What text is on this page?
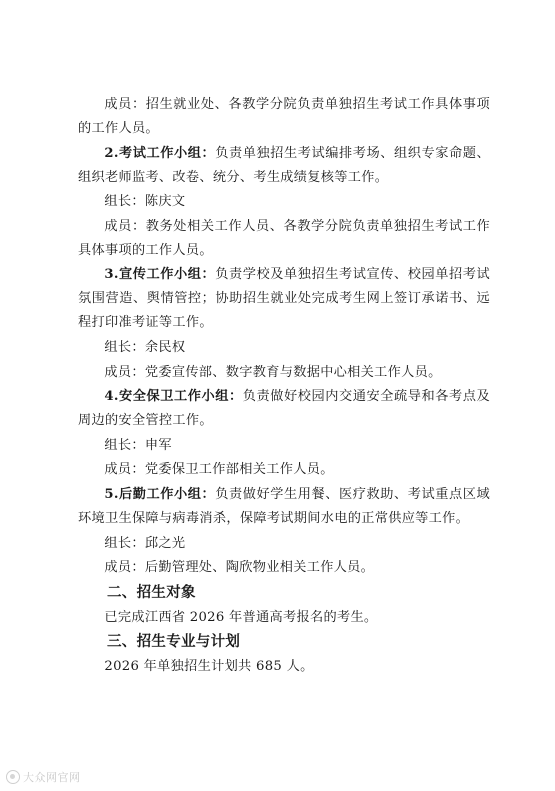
成员：招生就业处、各教学分院负责单独招生考试工作具体事项的工作人员。

2.考试工作小组：负责单独招生考试编排考场、组织专家命题、组织老师监考、改卷、统分、考生成绩复核等工作。

组长：陈庆文

成员：教务处相关工作人员、各教学分院负责单独招生考试工作具体事项的工作人员。

3.宣传工作小组：负责学校及单独招生考试宣传、校园单招考试氛围营造、舆情管控；协助招生就业处完成考生网上签订承诺书、远程打印准考证等工作。

组长：余民权

成员：党委宣传部、数字教育与数据中心相关工作人员。

4.安全保卫工作小组：负责做好校园内交通安全疏导和各考点及周边的安全管控工作。

组长：申军

成员：党委保卫工作部相关工作人员。

5.后勤工作小组：负责做好学生用餐、医疗救助、考试重点区域环境卫生保障与病毒消杀，保障考试期间水电的正常供应等工作。

组长：邱之光

成员：后勤管理处、陶欣物业相关工作人员。

二、招生对象

已完成江西省 2026 年普通高考报名的考生。

三、招生专业与计划

2026 年单独招生计划共 685 人。

大众网官网
